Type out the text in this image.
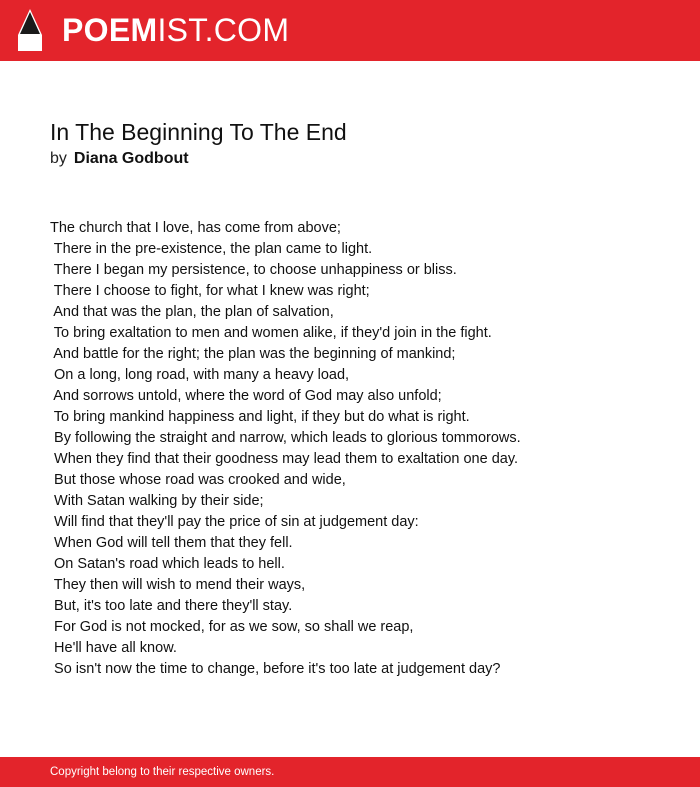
POEMIST.COM
In The Beginning To The End
by Diana Godbout
The church that I love, has come from above;
There in the pre-existence, the plan came to light.
There I began my persistence, to choose unhappiness or bliss.
There I choose to fight, for what I knew was right;
And that was the plan, the plan of salvation,
To bring exaltation to men and women alike, if they'd join in the fight.
And battle for the right; the plan was the beginning of mankind;
On a long, long road, with many a heavy load,
And sorrows untold, where the word of God may also unfold;
To bring mankind happiness and light, if they but do what is right.
By following the straight and narrow, which leads to glorious tommorows.
When they find that their goodness may lead them to exaltation one day.
But those whose road was crooked and wide,
With Satan walking by their side;
Will find that they'll pay the price of sin at judgement day:
When God will tell them that they fell.
On Satan's road which leads to hell.
They then will wish to mend their ways,
But, it's too late and there they'll stay.
For God is not mocked, for as we sow, so shall we reap,
He'll have all know.
So isn't now the time to change, before it's too late at judgement day?
Copyright belong to their respective owners.
